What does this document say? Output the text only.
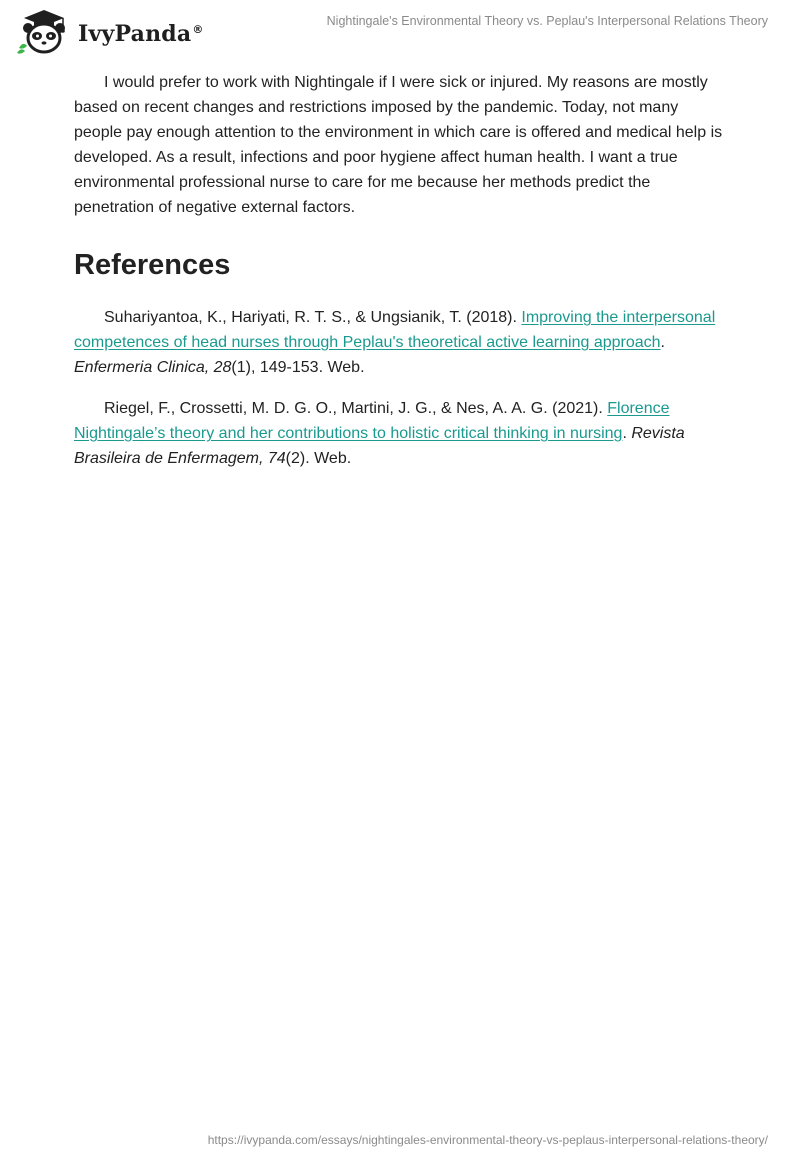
IvyPanda®
Nightingale's Environmental Theory vs. Peplau's Interpersonal Relations Theory

I would prefer to work with Nightingale if I were sick or injured. My reasons are mostly based on recent changes and restrictions imposed by the pandemic. Today, not many people pay enough attention to the environment in which care is offered and medical help is developed. As a result, infections and poor hygiene affect human health. I want a true environmental professional nurse to care for me because her methods predict the penetration of negative external factors.

References

Suhariyantoa, K., Hariyati, R. T. S., & Ungsianik, T. (2018). Improving the interpersonal competences of head nurses through Peplau's theoretical active learning approach. Enfermeria Clinica, 28(1), 149-153. Web.

Riegel, F., Crossetti, M. D. G. O., Martini, J. G., & Nes, A. A. G. (2021). Florence Nightingale’s theory and her contributions to holistic critical thinking in nursing. Revista Brasileira de Enfermagem, 74(2). Web.

https://ivypanda.com/essays/nightingales-environmental-theory-vs-peplaus-interpersonal-relations-theory/
